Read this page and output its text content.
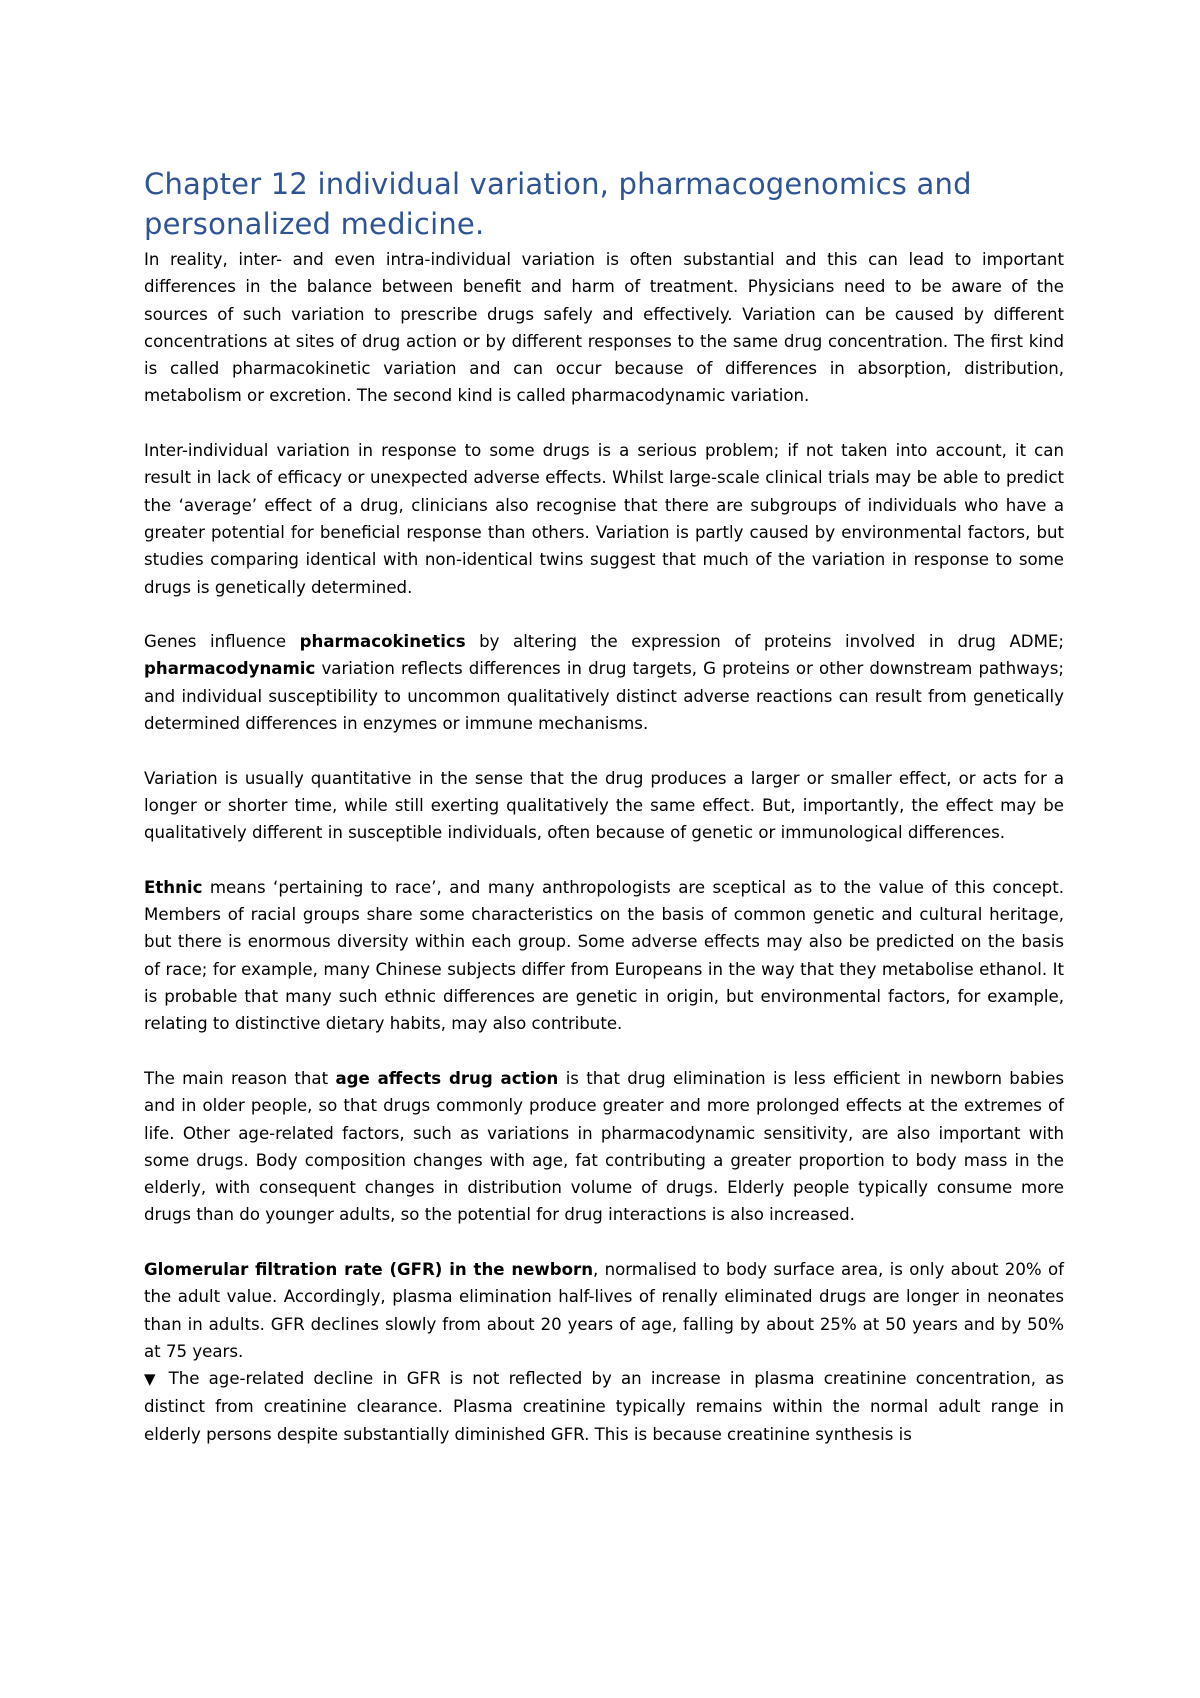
Chapter 12 individual variation, pharmacogenomics and personalized medicine.

In reality, inter- and even intra-individual variation is often substantial and this can lead to important differences in the balance between benefit and harm of treatment. Physicians need to be aware of the sources of such variation to prescribe drugs safely and effectively. Variation can be caused by different concentrations at sites of drug action or by different responses to the same drug concentration. The first kind is called pharmacokinetic variation and can occur because of differences in absorption, distribution, metabolism or excretion. The second kind is called pharmacodynamic variation.

Inter-individual variation in response to some drugs is a serious problem; if not taken into account, it can result in lack of efficacy or unexpected adverse effects. Whilst large-scale clinical trials may be able to predict the ‘average’ effect of a drug, clinicians also recognise that there are subgroups of individuals who have a greater potential for beneficial response than others. Variation is partly caused by environmental factors, but studies comparing identical with non-identical twins suggest that much of the variation in response to some drugs is genetically determined.

Genes influence pharmacokinetics by altering the expression of proteins involved in drug ADME; pharmacodynamic variation reflects differences in drug targets, G proteins or other downstream pathways; and individual susceptibility to uncommon qualitatively distinct adverse reactions can result from genetically determined differences in enzymes or immune mechanisms.

Variation is usually quantitative in the sense that the drug produces a larger or smaller effect, or acts for a longer or shorter time, while still exerting qualitatively the same effect. But, importantly, the effect may be qualitatively different in susceptible individuals, often because of genetic or immunological differences.

Ethnic means ‘pertaining to race’, and many anthropologists are sceptical as to the value of this concept. Members of racial groups share some characteristics on the basis of common genetic and cultural heritage, but there is enormous diversity within each group. Some adverse effects may also be predicted on the basis of race; for example, many Chinese subjects differ from Europeans in the way that they metabolise ethanol. It is probable that many such ethnic differences are genetic in origin, but environmental factors, for example, relating to distinctive dietary habits, may also contribute.

The main reason that age affects drug action is that drug elimination is less efficient in newborn babies and in older people, so that drugs commonly produce greater and more prolonged effects at the extremes of life. Other age-related factors, such as variations in pharmacodynamic sensitivity, are also important with some drugs. Body composition changes with age, fat contributing a greater proportion to body mass in the elderly, with consequent changes in distribution volume of drugs. Elderly people typically consume more drugs than do younger adults, so the potential for drug interactions is also increased.

Glomerular filtration rate (GFR) in the newborn, normalised to body surface area, is only about 20% of the adult value. Accordingly, plasma elimination half-lives of renally eliminated drugs are longer in neonates than in adults. GFR declines slowly from about 20 years of age, falling by about 25% at 50 years and by 50% at 75 years.

▼ The age-related decline in GFR is not reflected by an increase in plasma creatinine concentration, as distinct from creatinine clearance. Plasma creatinine typically remains within the normal adult range in elderly persons despite substantially diminished GFR. This is because creatinine synthesis is
